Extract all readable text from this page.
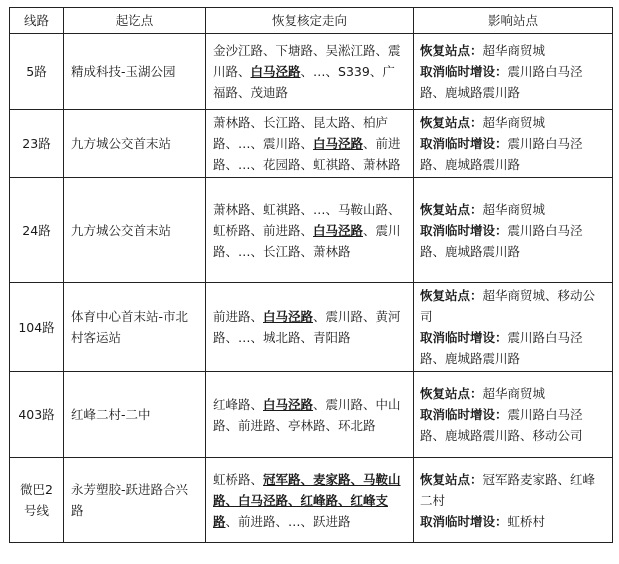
线路	起讫点	恢复核定走向	影响站点
5路	精成科技-玉湖公园	金沙江路、下塘路、吴淞江路、震川路、白马泾路、…、S339、广福路、茂迪路	恢复站点：超华商贸城
取消临时增设：震川路白马泾路、鹿城路震川路

23路	九方城公交首末站	萧林路、长江路、昆太路、柏庐路、…、震川路、白马泾路、前进路、…、花园路、虹祺路、萧林路	恢复站点：超华商贸城
取消临时增设：震川路白马泾路、鹿城路震川路

24路	九方城公交首末站	萧林路、虹祺路、…、马鞍山路、虹桥路、前进路、白马泾路、震川路、…、长江路、萧林路	恢复站点：超华商贸城
取消临时增设：震川路白马泾路、鹿城路震川路

104路	体育中心首末站-市北村客运站	前进路、白马泾路、震川路、黄河路、…、城北路、青阳路	恢复站点：超华商贸城、移动公司
取消临时增设：震川路白马泾路、鹿城路震川路

403路	红峰二村-二中	红峰路、白马泾路、震川路、中山路、前进路、亭林路、环北路	恢复站点：超华商贸城
取消临时增设：震川路白马泾路、鹿城路震川路、移动公司

微巴2号线	永芳塑胶-跃进路合兴路	虹桥路、冠军路、麦家路、马鞍山路、白马泾路、红峰路、红峰支路、前进路、…、跃进路	恢复站点：冠军路麦家路、红峰二村
取消临时增设：虹桥村
